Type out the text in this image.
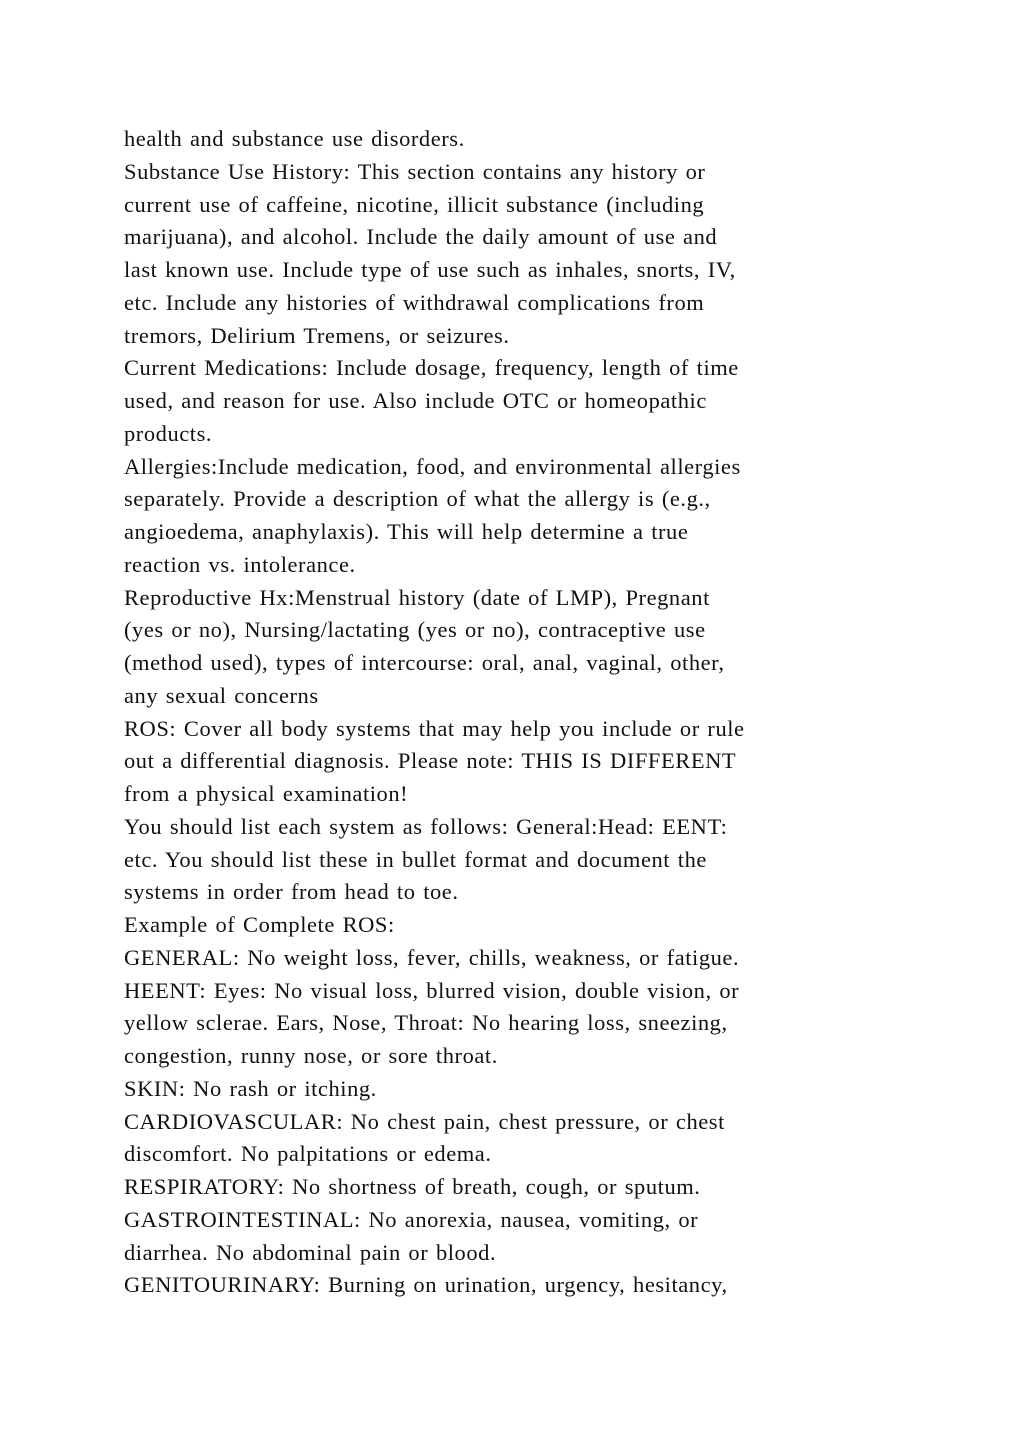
health and substance use disorders.
Substance Use History: This section contains any history or
current use of caffeine, nicotine, illicit substance (including
marijuana), and alcohol. Include the daily amount of use and
last known use. Include type of use such as inhales, snorts, IV,
etc. Include any histories of withdrawal complications from
tremors, Delirium Tremens, or seizures.
Current Medications: Include dosage, frequency, length of time
used, and reason for use. Also include OTC or homeopathic
products.
Allergies:Include medication, food, and environmental allergies
separately. Provide a description of what the allergy is (e.g.,
angioedema, anaphylaxis). This will help determine a true
reaction vs. intolerance.
Reproductive Hx:Menstrual history (date of LMP), Pregnant
(yes or no), Nursing/lactating (yes or no), contraceptive use
(method used), types of intercourse: oral, anal, vaginal, other,
any sexual concerns
ROS: Cover all body systems that may help you include or rule
out a differential diagnosis. Please note: THIS IS DIFFERENT
from a physical examination!
You should list each system as follows: General:Head: EENT:
etc. You should list these in bullet format and document the
systems in order from head to toe.
Example of Complete ROS:
GENERAL: No weight loss, fever, chills, weakness, or fatigue.
HEENT: Eyes: No visual loss, blurred vision, double vision, or
yellow sclerae. Ears, Nose, Throat: No hearing loss, sneezing,
congestion, runny nose, or sore throat.
SKIN: No rash or itching.
CARDIOVASCULAR: No chest pain, chest pressure, or chest
discomfort. No palpitations or edema.
RESPIRATORY: No shortness of breath, cough, or sputum.
GASTROINTESTINAL: No anorexia, nausea, vomiting, or
diarrhea. No abdominal pain or blood.
GENITOURINARY: Burning on urination, urgency, hesitancy,
